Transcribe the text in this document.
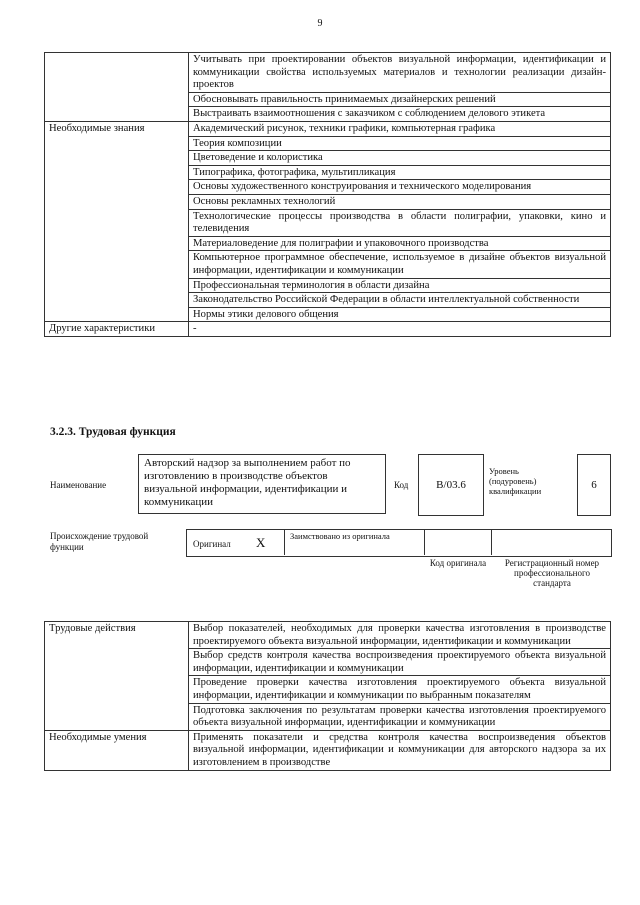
9
	Учитывать при проектировании объектов визуальной информации, идентификации и коммуникации свойства используемых материалов и технологии реализации дизайн-проектов
	Обосновывать правильность принимаемых дизайнерских решений
	Выстраивать взаимоотношения с заказчиком с соблюдением делового этикета
Необходимые знания	Академический рисунок, техники графики, компьютерная графика
	Теория композиции
	Цветоведение и колористика
	Типографика, фотографика, мультипликация
	Основы художественного конструирования и технического моделирования
	Основы рекламных технологий
	Технологические процессы производства в области полиграфии, упаковки, кино и телевидения
	Материаловедение для полиграфии и упаковочного производства
	Компьютерное программное обеспечение, используемое в дизайне объектов визуальной информации, идентификации и коммуникации
	Профессиональная терминология в области дизайна
	Законодательство Российской Федерации в области интеллектуальной собственности
	Нормы этики делового общения
Другие характеристики	-
3.2.3. Трудовая функция
Наименование
Авторский надзор за выполнением работ по изготовлению в производстве объектов визуальной информации, идентификации и коммуникации
Код	B/03.6
Уровень (подуровень) квалификации	6
Происхождение трудовой функции	Оригинал X	Заимствовано из оригинала
Код оригинала	Регистрационный номер профессионального стандарта
Трудовые действия	Выбор показателей, необходимых для проверки качества изготовления в производстве проектируемого объекта визуальной информации, идентификации и коммуникации
	Выбор средств контроля качества воспроизведения проектируемого объекта визуальной информации, идентификации и коммуникации
	Проведение проверки качества изготовления проектируемого объекта визуальной информации, идентификации и коммуникации по выбранным показателям
	Подготовка заключения по результатам проверки качества изготовления проектируемого объекта визуальной информации, идентификации и коммуникации
Необходимые умения	Применять показатели и средства контроля качества воспроизведения объектов визуальной информации, идентификации и коммуникации для авторского надзора за их изготовлением в производстве
